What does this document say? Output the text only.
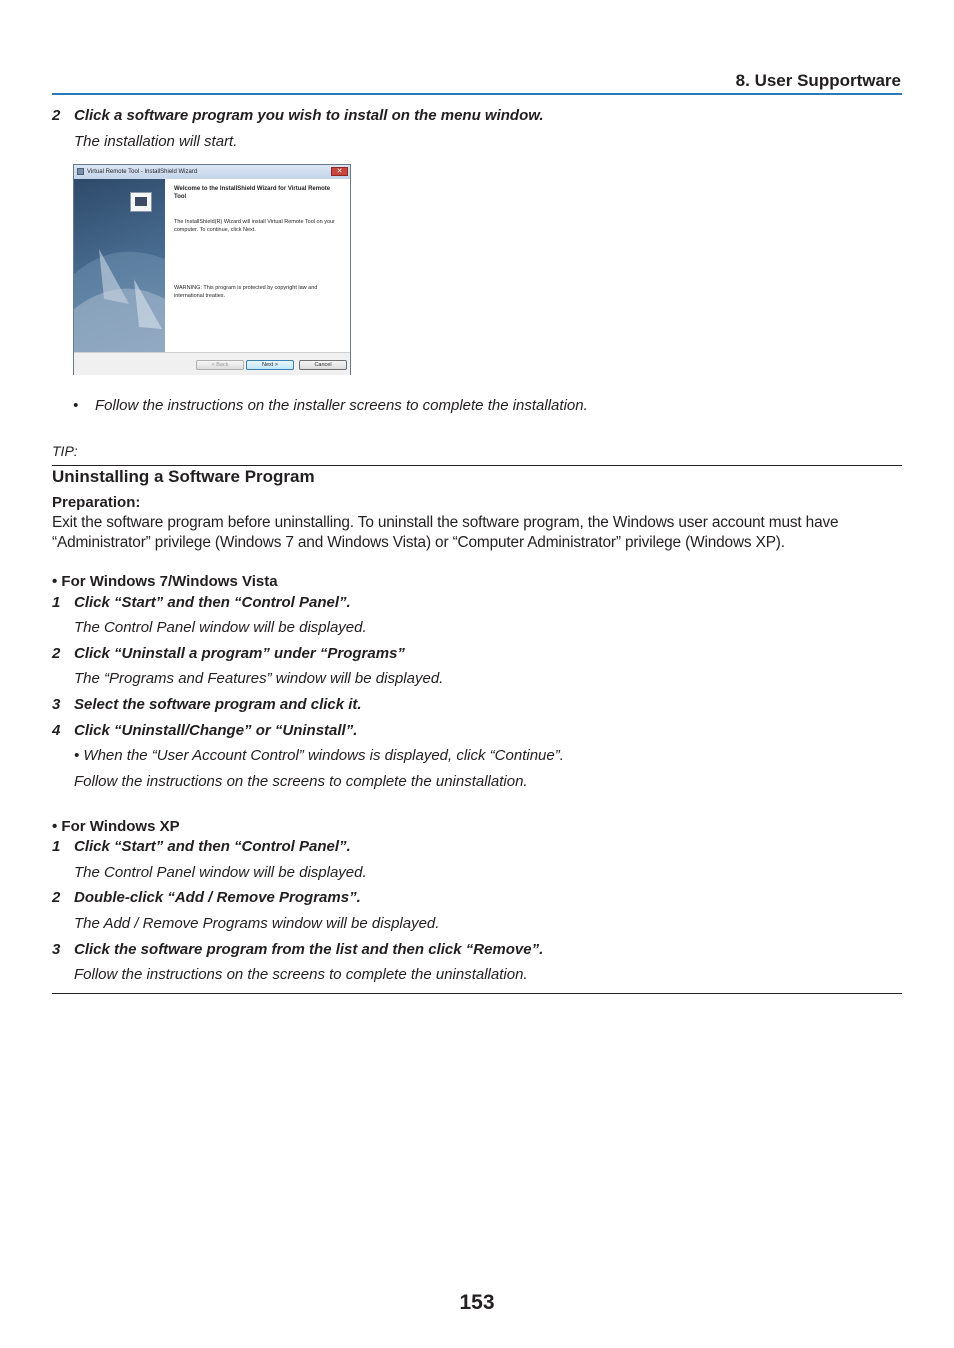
8. User Supportware
2 Click a software program you wish to install on the menu window.
The installation will start.
Virtual Remote Tool - InstallShield Wizard	✕
Welcome to the InstallShield Wizard for Virtual Remote Tool
The InstallShield(R) Wizard will install Virtual Remote Tool on your computer. To continue, click Next.
WARNING: This program is protected by copyright law and international treaties.
< Back	Next >	Cancel
• Follow the instructions on the installer screens to complete the installation.
TIP:
Uninstalling a Software Program
Preparation:
Exit the software program before uninstalling. To uninstall the software program, the Windows user account must have “Administrator” privilege (Windows 7 and Windows Vista) or “Computer Administrator” privilege (Windows XP).
• For Windows 7/Windows Vista
1 Click “Start” and then “Control Panel”.
The Control Panel window will be displayed.
2 Click “Uninstall a program” under “Programs”
The “Programs and Features” window will be displayed.
3 Select the software program and click it.
4 Click “Uninstall/Change” or “Uninstall”.
• When the “User Account Control” windows is displayed, click “Continue”.
Follow the instructions on the screens to complete the uninstallation.
• For Windows XP
1 Click “Start” and then “Control Panel”.
The Control Panel window will be displayed.
2 Double-click “Add / Remove Programs”.
The Add / Remove Programs window will be displayed.
3 Click the software program from the list and then click “Remove”.
Follow the instructions on the screens to complete the uninstallation.
153
